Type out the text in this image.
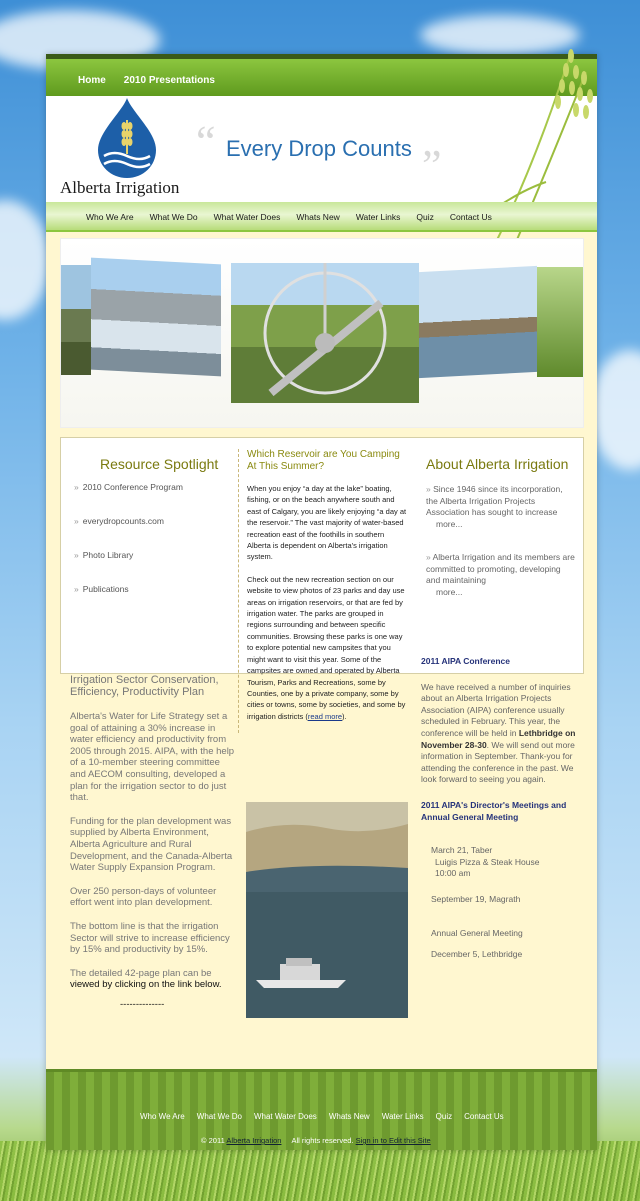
Home 2010 Presentations
Alberta Irrigation
“ Every Drop Counts ”
Who We Are What We Do What Water Does Whats New Water Links Quiz Contact Us
Resource Spotlight
» 2010 Conference Program
» everydropcounts.com
» Photo Library
» Publications
Which Reservoir are You Camping At This Summer?

When you enjoy “a day at the lake” boating, fishing, or on the beach anywhere south and east of Calgary, you are likely enjoying “a day at the reservoir.” The vast majority of water-based recreation east of the foothills in southern Alberta is dependent on Alberta's irrigation system.

Check out the new recreation section on our website to view photos of 23 parks and day use areas on irrigation reservoirs, or that are fed by irrigation water. The parks are grouped in regions surrounding and between specific communities. Browsing these parks is one way to explore potential new campsites that you might want to visit this year. Some of the campsites are owned and operated by Alberta Tourism, Parks and Recreations, some by Counties, one by a private company, some by cities or towns, some by societies, and some by irrigation districts (read more).

About Alberta Irrigation
» Since 1946 since its incorporation, the Alberta Irrigation Projects Association has sought to increase
more...
» Alberta Irrigation and its members are committed to promoting, developing and maintaining
more...
Irrigation Sector Conservation, Efficiency, Productivity Plan

Alberta's Water for Life Strategy set a goal of attaining a 30% increase in water efficiency and productivity from 2005 through 2015. AIPA, with the help of a 10-member steering committee and AECOM consulting, developed a plan for the irrigation sector to do just that.

Funding for the plan development was supplied by Alberta Environment, Alberta Agriculture and Rural Development, and the Canada-Alberta Water Supply Expansion Program.

Over 250 person-days of volunteer effort went into plan development.

The bottom line is that the irrigation Sector will strive to increase efficiency by 15% and productivity by 15%.

The detailed 42-page plan can be
viewed by clicking on the link below.

--------------

2011 AIPA Conference

We have received a number of inquiries about an Alberta Irrigation Projects Association (AIPA) conference usually scheduled in February. This year, the conference will be held in Lethbridge on November 28-30. We will send out more information in September. Thank-you for attending the conference in the past. We look forward to seeing you again.

2011 AIPA's Director's Meetings and Annual General Meeting
March 21, Taber
Luigis Pizza & Steak House
10:00 am
September 19, Magrath
Annual General Meeting
December 5, Lethbridge
Who We Are What We Do What Water Does Whats New Water Links Quiz Contact Us
© 2011 Alberta Irrigation     All rights reserved. Sign in to Edit this Site
